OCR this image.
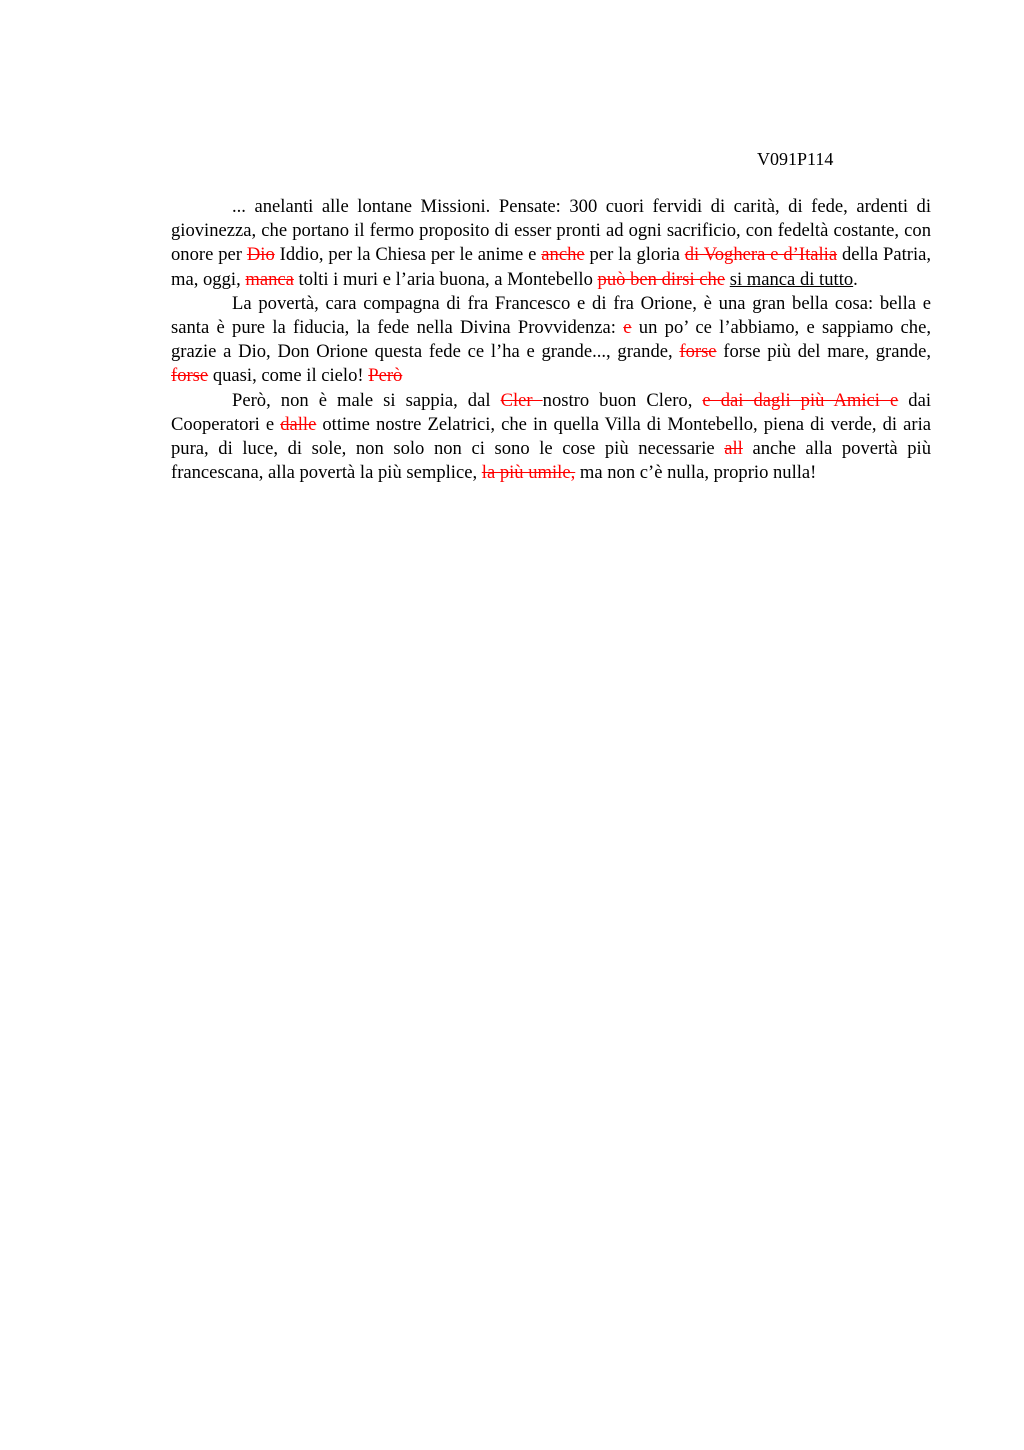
V091P114

... anelanti alle lontane Missioni. Pensate: 300 cuori fervidi di carità, di fede, ardenti di giovinezza, che portano il fermo proposito di esser pronti ad ogni sacrificio, con fedeltà costante, con onore per Dio Iddio, per la Chiesa per le anime e anche per la gloria di Voghera e d’Italia della Patria, ma, oggi, manca tolti i muri e l’aria buona, a Montebello può ben dirsi che si manca di tutto.

La povertà, cara compagna di fra Francesco e di fra Orione, è una gran bella cosa: bella e santa è pure la fiducia, la fede nella Divina Provvidenza: e un po’ ce l’abbiamo, e sappiamo che, grazie a Dio, Don Orione questa fede ce l’ha e grande..., grande, forse forse più del mare, grande, forse quasi, come il cielo! Però

Però, non è male si sappia, dal Cler nostro buon Clero, e dai dagli più Amici e dai Cooperatori e dalle ottime nostre Zelatrici, che in quella Villa di Montebello, piena di verde, di aria pura, di luce, di sole, non solo non ci sono le cose più necessarie all anche alla povertà più francescana, alla povertà la più semplice, la più umile, ma non c’è nulla, proprio nulla!
